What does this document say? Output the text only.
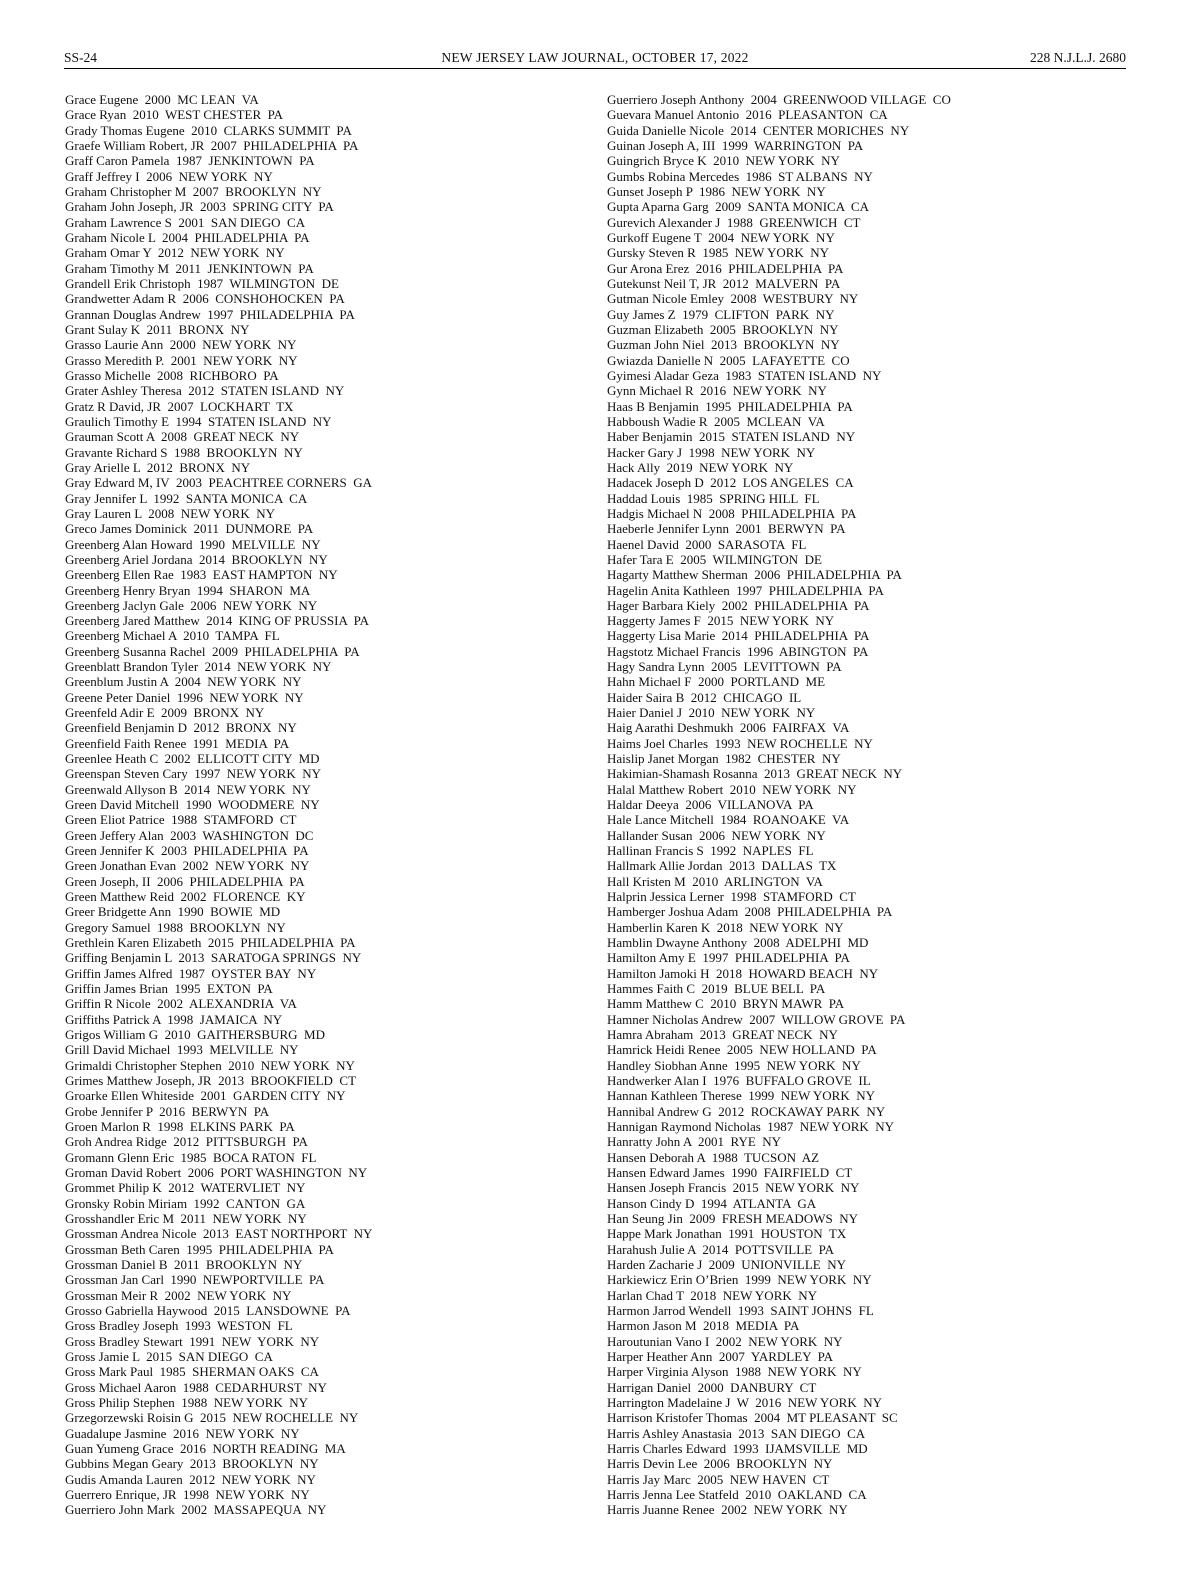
SS-24	NEW JERSEY LAW JOURNAL, OCTOBER 17, 2022	228 N.J.L.J. 2680
Grace Eugene  2000  MC LEAN  VA
Grace Ryan  2010  WEST CHESTER  PA
Grady Thomas Eugene  2010  CLARKS SUMMIT  PA
Graefe William Robert, JR  2007  PHILADELPHIA  PA
Graff Caron Pamela  1987  JENKINTOWN  PA
Graff Jeffrey I  2006  NEW YORK  NY
Graham Christopher M  2007  BROOKLYN  NY
Graham John Joseph, JR  2003  SPRING CITY  PA
Graham Lawrence S  2001  SAN DIEGO  CA
Graham Nicole L  2004  PHILADELPHIA  PA
Graham Omar Y  2012  NEW YORK  NY
Graham Timothy M  2011  JENKINTOWN  PA
Grandell Erik Christoph  1987  WILMINGTON  DE
Grandwetter Adam R  2006  CONSHOHOCKEN  PA
Grannan Douglas Andrew  1997  PHILADELPHIA  PA
Grant Sulay K  2011  BRONX  NY
Grasso Laurie Ann  2000  NEW YORK  NY
Grasso Meredith P.  2001  NEW YORK  NY
Grasso Michelle  2008  RICHBORO  PA
Grater Ashley Theresa  2012  STATEN ISLAND  NY
Gratz R David, JR  2007  LOCKHART  TX
Graulich Timothy E  1994  STATEN ISLAND  NY
Grauman Scott A  2008  GREAT NECK  NY
Gravante Richard S  1988  BROOKLYN  NY
Gray Arielle L  2012  BRONX  NY
Gray Edward M, IV  2003  PEACHTREE CORNERS  GA
Gray Jennifer L  1992  SANTA MONICA  CA
Gray Lauren L  2008  NEW YORK  NY
Greco James Dominick  2011  DUNMORE  PA
Greenberg Alan Howard  1990  MELVILLE  NY
Greenberg Ariel Jordana  2014  BROOKLYN  NY
Greenberg Ellen Rae  1983  EAST HAMPTON  NY
Greenberg Henry Bryan  1994  SHARON  MA
Greenberg Jaclyn Gale  2006  NEW YORK  NY
Greenberg Jared Matthew  2014  KING OF PRUSSIA  PA
Greenberg Michael A  2010  TAMPA  FL
Greenberg Susanna Rachel  2009  PHILADELPHIA  PA
Greenblatt Brandon Tyler  2014  NEW YORK  NY
Greenblum Justin A  2004  NEW YORK  NY
Greene Peter Daniel  1996  NEW YORK  NY
Greenfeld Adir E  2009  BRONX  NY
Greenfield Benjamin D  2012  BRONX  NY
Greenfield Faith Renee  1991  MEDIA  PA
Greenlee Heath C  2002  ELLICOTT CITY  MD
Greenspan Steven Cary  1997  NEW YORK  NY
Greenwald Allyson B  2014  NEW YORK  NY
Green David Mitchell  1990  WOODMERE  NY
Green Eliot Patrice  1988  STAMFORD  CT
Green Jeffery Alan  2003  WASHINGTON  DC
Green Jennifer K  2003  PHILADELPHIA  PA
Green Jonathan Evan  2002  NEW YORK  NY
Green Joseph, II  2006  PHILADELPHIA  PA
Green Matthew Reid  2002  FLORENCE  KY
Greer Bridgette Ann  1990  BOWIE  MD
Gregory Samuel  1988  BROOKLYN  NY
Grethlein Karen Elizabeth  2015  PHILADELPHIA  PA
Griffing Benjamin L  2013  SARATOGA SPRINGS  NY
Griffin James Alfred  1987  OYSTER BAY  NY
Griffin James Brian  1995  EXTON  PA
Griffin R Nicole  2002  ALEXANDRIA  VA
Griffiths Patrick A  1998  JAMAICA  NY
Grigos William G  2010  GAITHERSBURG  MD
Grill David Michael  1993  MELVILLE  NY
Grimaldi Christopher Stephen  2010  NEW YORK  NY
Grimes Matthew Joseph, JR  2013  BROOKFIELD  CT
Groarke Ellen Whiteside  2001  GARDEN CITY  NY
Grobe Jennifer P  2016  BERWYN  PA
Groen Marlon R  1998  ELKINS PARK  PA
Groh Andrea Ridge  2012  PITTSBURGH  PA
Gromann Glenn Eric  1985  BOCA RATON  FL
Groman David Robert  2006  PORT WASHINGTON  NY
Grommet Philip K  2012  WATERVLIET  NY
Gronsky Robin Miriam  1992  CANTON  GA
Grosshandler Eric M  2011  NEW YORK  NY
Grossman Andrea Nicole  2013  EAST NORTHPORT  NY
Grossman Beth Caren  1995  PHILADELPHIA  PA
Grossman Daniel B  2011  BROOKLYN  NY
Grossman Jan Carl  1990  NEWPORTVILLE  PA
Grossman Meir R  2002  NEW YORK  NY
Grosso Gabriella Haywood  2015  LANSDOWNE  PA
Gross Bradley Joseph  1993  WESTON  FL
Gross Bradley Stewart  1991  NEW  YORK  NY
Gross Jamie L  2015  SAN DIEGO  CA
Gross Mark Paul  1985  SHERMAN OAKS  CA
Gross Michael Aaron  1988  CEDARHURST  NY
Gross Philip Stephen  1988  NEW YORK  NY
Grzegorzewski Roisin G  2015  NEW ROCHELLE  NY
Guadalupe Jasmine  2016  NEW YORK  NY
Guan Yumeng Grace  2016  NORTH READING  MA
Gubbins Megan Geary  2013  BROOKLYN  NY
Gudis Amanda Lauren  2012  NEW YORK  NY
Guerrero Enrique, JR  1998  NEW YORK  NY
Guerriero John Mark  2002  MASSAPEQUA  NY
Guerriero Joseph Anthony  2004  GREENWOOD VILLAGE  CO
Guevara Manuel Antonio  2016  PLEASANTON  CA
Guida Danielle Nicole  2014  CENTER MORICHES  NY
Guinan Joseph A, III  1999  WARRINGTON  PA
Guingrich Bryce K  2010  NEW YORK  NY
Gumbs Robina Mercedes  1986  ST ALBANS  NY
Gunset Joseph P  1986  NEW YORK  NY
Gupta Aparna Garg  2009  SANTA MONICA  CA
Gurevich Alexander J  1988  GREENWICH  CT
Gurkoff Eugene T  2004  NEW YORK  NY
Gursky Steven R  1985  NEW YORK  NY
Gur Arona Erez  2016  PHILADELPHIA  PA
Gutekunst Neil T, JR  2012  MALVERN  PA
Gutman Nicole Emley  2008  WESTBURY  NY
Guy James Z  1979  CLIFTON  PARK  NY
Guzman Elizabeth  2005  BROOKLYN  NY
Guzman John Niel  2013  BROOKLYN  NY
Gwiazda Danielle N  2005  LAFAYETTE  CO
Gyimesi Aladar Geza  1983  STATEN ISLAND  NY
Gynn Michael R  2016  NEW YORK  NY
Haas B Benjamin  1995  PHILADELPHIA  PA
Habboush Wadie R  2005  MCLEAN  VA
Haber Benjamin  2015  STATEN ISLAND  NY
Hacker Gary J  1998  NEW YORK  NY
Hack Ally  2019  NEW YORK  NY
Hadacek Joseph D  2012  LOS ANGELES  CA
Haddad Louis  1985  SPRING HILL  FL
Hadgis Michael N  2008  PHILADELPHIA  PA
Haeberle Jennifer Lynn  2001  BERWYN  PA
Haenel David  2000  SARASOTA  FL
Hafer Tara E  2005  WILMINGTON  DE
Hagarty Matthew Sherman  2006  PHILADELPHIA  PA
Hagelin Anita Kathleen  1997  PHILADELPHIA  PA
Hager Barbara Kiely  2002  PHILADELPHIA  PA
Haggerty James F  2015  NEW YORK  NY
Haggerty Lisa Marie  2014  PHILADELPHIA  PA
Hagstotz Michael Francis  1996  ABINGTON  PA
Hagy Sandra Lynn  2005  LEVITTOWN  PA
Hahn Michael F  2000  PORTLAND  ME
Haider Saira B  2012  CHICAGO  IL
Haier Daniel J  2010  NEW YORK  NY
Haig Aarathi Deshmukh  2006  FAIRFAX  VA
Haims Joel Charles  1993  NEW ROCHELLE  NY
Haislip Janet Morgan  1982  CHESTER  NY
Hakimian-Shamash Rosanna  2013  GREAT NECK  NY
Halal Matthew Robert  2010  NEW YORK  NY
Haldar Deeya  2006  VILLANOVA  PA
Hale Lance Mitchell  1984  ROANOAKE  VA
Hallander Susan  2006  NEW YORK  NY
Hallinan Francis S  1992  NAPLES  FL
Hallmark Allie Jordan  2013  DALLAS  TX
Hall Kristen M  2010  ARLINGTON  VA
Halprin Jessica Lerner  1998  STAMFORD  CT
Hamberger Joshua Adam  2008  PHILADELPHIA  PA
Hamberlin Karen K  2018  NEW YORK  NY
Hamblin Dwayne Anthony  2008  ADELPHI  MD
Hamilton Amy E  1997  PHILADELPHIA  PA
Hamilton Jamoki H  2018  HOWARD BEACH  NY
Hammes Faith C  2019  BLUE BELL  PA
Hamm Matthew C  2010  BRYN MAWR  PA
Hamner Nicholas Andrew  2007  WILLOW GROVE  PA
Hamra Abraham  2013  GREAT NECK  NY
Hamrick Heidi Renee  2005  NEW HOLLAND  PA
Handley Siobhan Anne  1995  NEW YORK  NY
Handwerker Alan I  1976  BUFFALO GROVE  IL
Hannan Kathleen Therese  1999  NEW YORK  NY
Hannibal Andrew G  2012  ROCKAWAY PARK  NY
Hannigan Raymond Nicholas  1987  NEW YORK  NY
Hanratty John A  2001  RYE  NY
Hansen Deborah A  1988  TUCSON  AZ
Hansen Edward James  1990  FAIRFIELD  CT
Hansen Joseph Francis  2015  NEW YORK  NY
Hanson Cindy D  1994  ATLANTA  GA
Han Seung Jin  2009  FRESH MEADOWS  NY
Happe Mark Jonathan  1991  HOUSTON  TX
Harahush Julie A  2014  POTTSVILLE  PA
Harden Zacharie J  2009  UNIONVILLE  NY
Harkiewicz Erin O’Brien  1999  NEW YORK  NY
Harlan Chad T  2018  NEW YORK  NY
Harmon Jarrod Wendell  1993  SAINT JOHNS  FL
Harmon Jason M  2018  MEDIA  PA
Haroutunian Vano I  2002  NEW YORK  NY
Harper Heather Ann  2007  YARDLEY  PA
Harper Virginia Alyson  1988  NEW YORK  NY
Harrigan Daniel  2000  DANBURY  CT
Harrington Madelaine J  W  2016  NEW YORK  NY
Harrison Kristofer Thomas  2004  MT PLEASANT  SC
Harris Ashley Anastasia  2013  SAN DIEGO  CA
Harris Charles Edward  1993  IJAMSVILLE  MD
Harris Devin Lee  2006  BROOKLYN  NY
Harris Jay Marc  2005  NEW HAVEN  CT
Harris Jenna Lee Statfeld  2010  OAKLAND  CA
Harris Juanne Renee  2002  NEW YORK  NY
